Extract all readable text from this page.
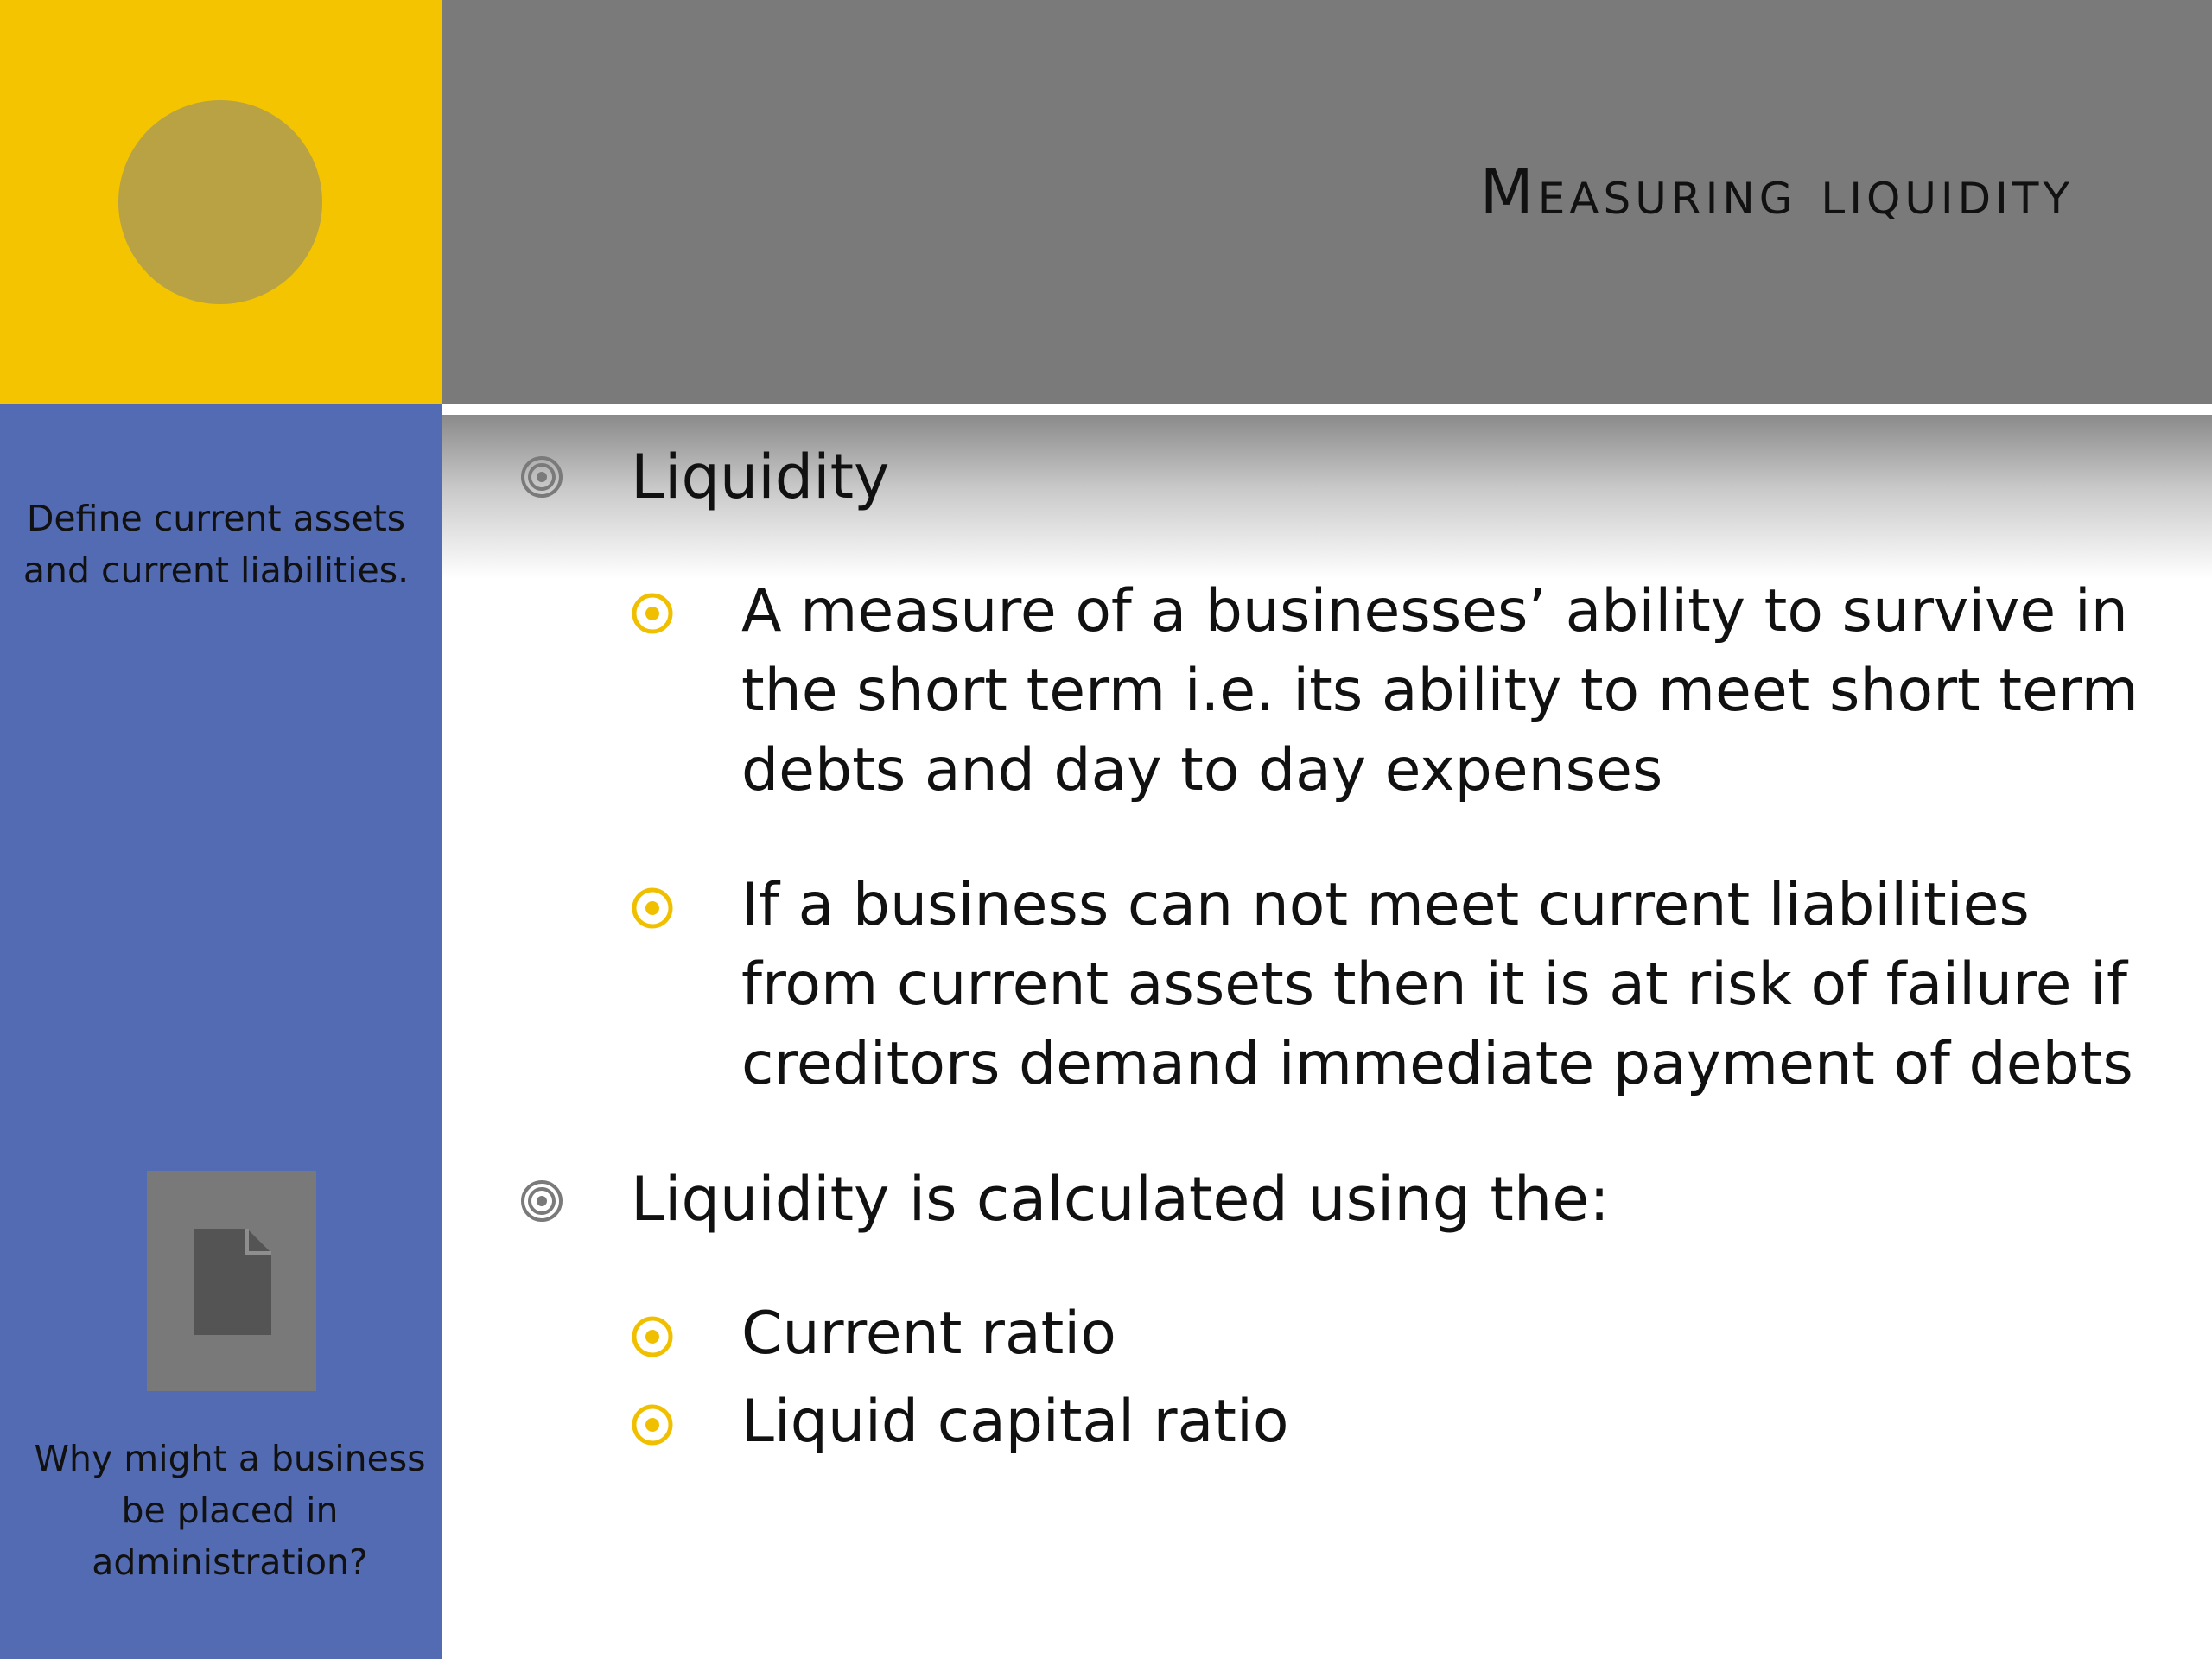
Measuring liquidity
Define current assets and current liabilities.
Why might a business be placed in administration?
Liquidity
A measure of a businesses’ ability to survive in the short term i.e. its ability to meet short term debts and day to day expenses
If a business can not meet current liabilities from current assets then it is at risk of failure if creditors demand immediate payment of debts
Liquidity is calculated using the:
Current ratio
Liquid capital ratio
